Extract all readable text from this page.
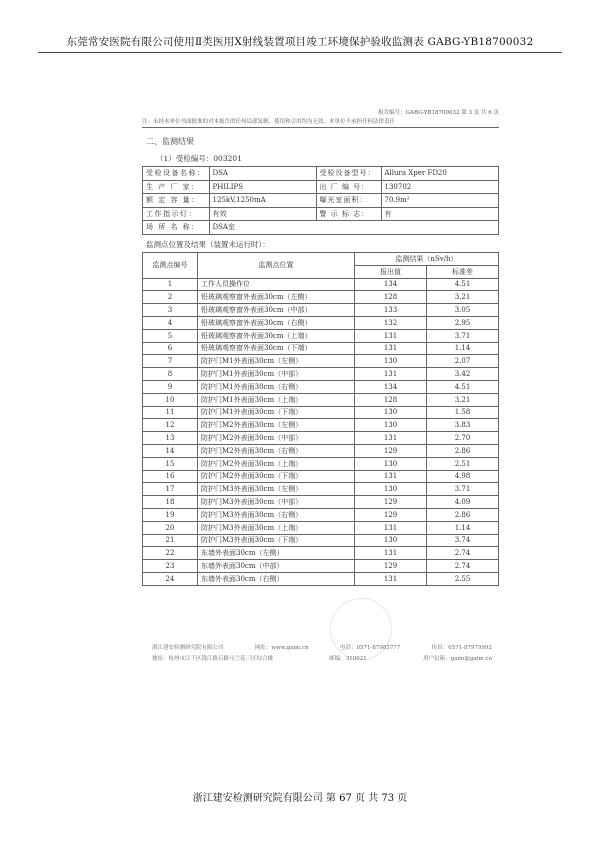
东莞常安医院有限公司使用Ⅱ类医用X射线装置项目竣工环境保护验收监测表 GABG-YB18700032
报告编号：GABG-YB18700032 第 3 页 共 6 页
注：未经本单位书面批准的对本报告的任何局部复制、使用和引用均为无效，本单位不承担任何法律责任
二、监测结果
（1）受检编号：003201
受检设备名称：	DSA	受检设备型号：	Allura Xper FD20
生 产 厂 家：	PHILIPS	出 厂 编 号：	130702
额 定 容 量：	125kV,1250mA	曝光室面积：	70.9m²
工作指示灯：	有效	警 示 标 志：	有
场 所 名 称：	DSA室		
监测点位置及结果（装置未运行时）：
监测点编号	监测点位置	监测结果（nSv/h）	
		报出值	标准差
1	工作人员操作位	134	4.51
2	铅玻璃观察窗外表面30cm（左侧）	128	3.21
3	铅玻璃观察窗外表面30cm（中部）	133	3.05
4	铅玻璃观察窗外表面30cm（右侧）	132	2.95
5	铅玻璃观察窗外表面30cm（上端）	131	3.71
6	铅玻璃观察窗外表面30cm（下端）	131	1.14
7	防护门M1外表面30cm（左侧）	130	2.07
8	防护门M1外表面30cm（中部）	131	3.42
9	防护门M1外表面30cm（右侧）	134	4.51
10	防护门M1外表面30cm（上端）	128	3.21
11	防护门M1外表面30cm（下端）	130	1.58
12	防护门M2外表面30cm（左侧）	130	3.83
13	防护门M2外表面30cm（中部）	131	2.70
14	防护门M2外表面30cm（右侧）	129	2.86
15	防护门M2外表面30cm（上端）	130	2.51
16	防护门M2外表面30cm（下端）	131	4.98
17	防护门M3外表面30cm（左侧）	130	3.71
18	防护门M3外表面30cm（中部）	129	4.09
19	防护门M3外表面30cm（右侧）	129	2.86
20	防护门M3外表面30cm（上端）	131	1.14
21	防护门M3外表面30cm（下端）	130	3.74
22	东墙外表面30cm（左侧）	131	2.74
23	东墙外表面30cm（中部）	129	2.74
24	东墙外表面30cm（右侧）	131	2.55
浙江建安检测研究院有限公司	网址：www.gaim.cn	电话：0571-87985777	传真：0571-87979992
地址：杭州市江干区钱江路石路马兰花三区综合楼	邮编：310021	用户信箱：gaim@gaim.cn
浙江建安检测研究院有限公司 第 67 页 共 73 页
